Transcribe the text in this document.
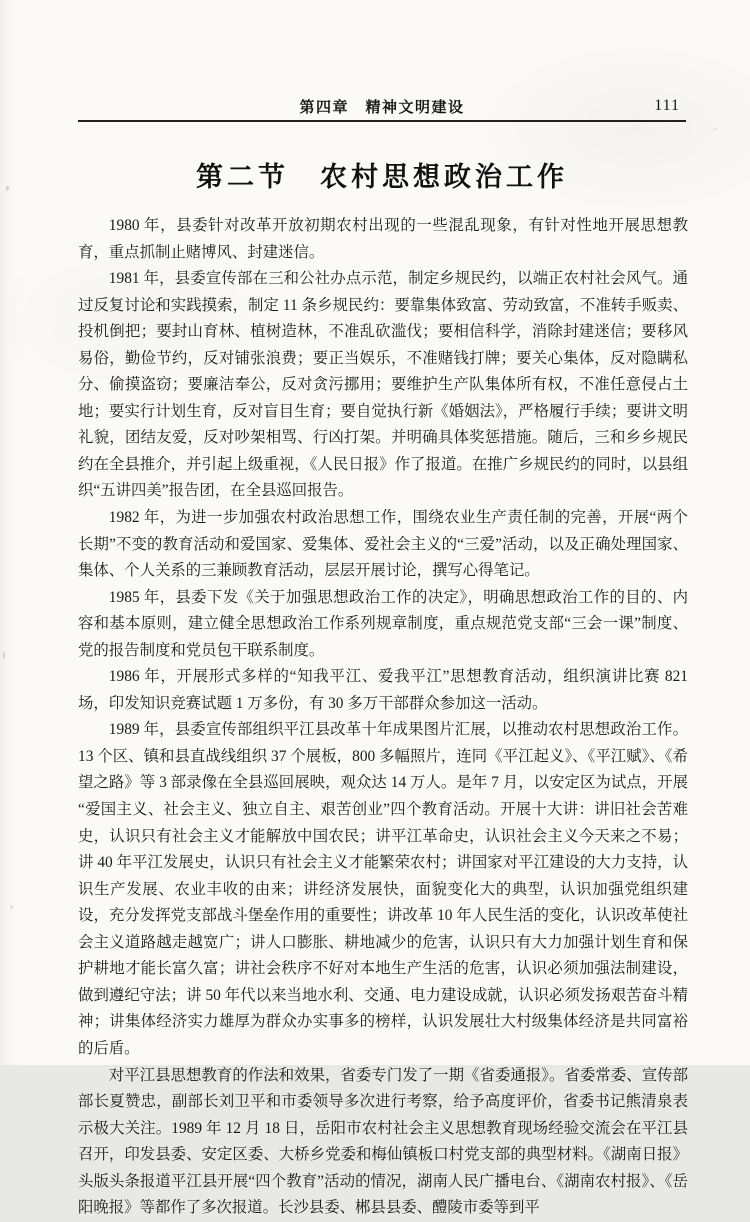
第四章　精神文明建设	111
第二节　农村思想政治工作

1980 年，县委针对改革开放初期农村出现的一些混乱现象，有针对性地开展思想教育，重点抓制止赌博风、封建迷信。

1981 年，县委宣传部在三和公社办点示范，制定乡规民约，以端正农村社会风气。通过反复讨论和实践摸索，制定 11 条乡规民约：要靠集体致富、劳动致富，不准转手贩卖、投机倒把；要封山育林、植树造林，不准乱砍滥伐；要相信科学，消除封建迷信；要移风易俗，勤俭节约，反对铺张浪费；要正当娱乐，不准赌钱打牌；要关心集体，反对隐瞒私分、偷摸盗窃；要廉洁奉公，反对贪污挪用；要维护生产队集体所有权，不准任意侵占土地；要实行计划生育，反对盲目生育；要自觉执行新《婚姻法》，严格履行手续；要讲文明礼貌，团结友爱，反对吵架相骂、行凶打架。并明确具体奖惩措施。随后，三和乡乡规民约在全县推介，并引起上级重视，《人民日报》作了报道。在推广乡规民约的同时，以县组织“五讲四美”报告团，在全县巡回报告。

1982 年，为进一步加强农村政治思想工作，围绕农业生产责任制的完善，开展“两个长期”不变的教育活动和爱国家、爱集体、爱社会主义的“三爱”活动，以及正确处理国家、集体、个人关系的三兼顾教育活动，层层开展讨论，撰写心得笔记。

1985 年，县委下发《关于加强思想政治工作的决定》，明确思想政治工作的目的、内容和基本原则，建立健全思想政治工作系列规章制度，重点规范党支部“三会一课”制度、党的报告制度和党员包干联系制度。

1986 年，开展形式多样的“知我平江、爱我平江”思想教育活动，组织演讲比赛 821 场，印发知识竞赛试题 1 万多份，有 30 多万干部群众参加这一活动。

1989 年，县委宣传部组织平江县改革十年成果图片汇展，以推动农村思想政治工作。13 个区、镇和县直战线组织 37 个展板，800 多幅照片，连同《平江起义》、《平江赋》、《希望之路》等 3 部录像在全县巡回展映，观众达 14 万人。是年 7 月，以安定区为试点，开展“爱国主义、社会主义、独立自主、艰苦创业”四个教育活动。开展十大讲：讲旧社会苦难史，认识只有社会主义才能解放中国农民；讲平江革命史，认识社会主义今天来之不易；讲 40 年平江发展史，认识只有社会主义才能繁荣农村；讲国家对平江建设的大力支持，认识生产发展、农业丰收的由来；讲经济发展快，面貌变化大的典型，认识加强党组织建设，充分发挥党支部战斗堡垒作用的重要性；讲改革 10 年人民生活的变化，认识改革使社会主义道路越走越宽广；讲人口膨胀、耕地减少的危害，认识只有大力加强计划生育和保护耕地才能长富久富；讲社会秩序不好对本地生产生活的危害，认识必须加强法制建设，做到遵纪守法；讲 50 年代以来当地水利、交通、电力建设成就，认识必须发扬艰苦奋斗精神；讲集体经济实力雄厚为群众办实事多的榜样，认识发展壮大村级集体经济是共同富裕的后盾。

对平江县思想教育的作法和效果，省委专门发了一期《省委通报》。省委常委、宣传部部长夏赞忠，副部长刘卫平和市委领导多次进行考察，给予高度评价，省委书记熊清泉表示极大关注。1989 年 12 月 18 日，岳阳市农村社会主义思想教育现场经验交流会在平江县召开，印发县委、安定区委、大桥乡党委和梅仙镇板口村党支部的典型材料。《湖南日报》头版头条报道平江县开展“四个教育”活动的情况，湖南人民广播电台、《湖南农村报》、《岳阳晚报》等都作了多次报道。长沙县委、郴县县委、醴陵市委等到平
